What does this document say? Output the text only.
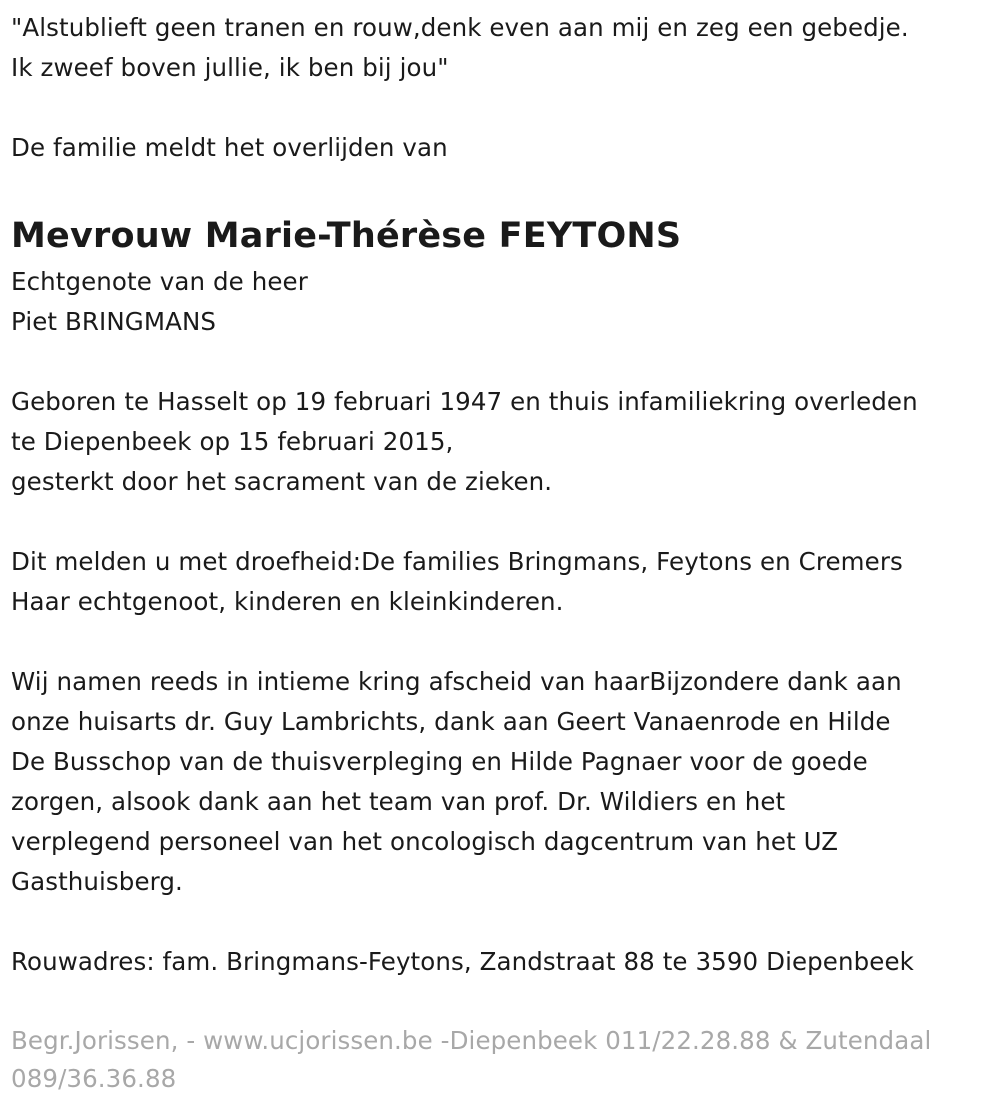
"Alstublieft geen tranen en rouw,denk even aan mij en zeg een gebedje.
Ik zweef boven jullie, ik ben bij jou"
De familie meldt het overlijden van
Mevrouw Marie-Thérèse FEYTONS
Echtgenote van de heer
Piet BRINGMANS
Geboren te Hasselt op 19 februari 1947 en thuis infamiliekring overleden
te Diepenbeek op 15 februari 2015,
gesterkt door het sacrament van de zieken.
Dit melden u met droefheid:De families Bringmans, Feytons en Cremers
Haar echtgenoot, kinderen en kleinkinderen.
Wij namen reeds in intieme kring afscheid van haarBijzondere dank aan
onze huisarts dr. Guy Lambrichts, dank aan Geert Vanaenrode en Hilde
De Busschop van de thuisverpleging en Hilde Pagnaer voor de goede
zorgen, alsook dank aan het team van prof. Dr. Wildiers en het
verplegend personeel van het oncologisch dagcentrum van het UZ
Gasthuisberg.
Rouwadres: fam. Bringmans-Feytons, Zandstraat 88 te 3590 Diepenbeek
Begr.Jorissen, - www.ucjorissen.be -Diepenbeek 011/22.28.88 & Zutendaal
089/36.36.88
